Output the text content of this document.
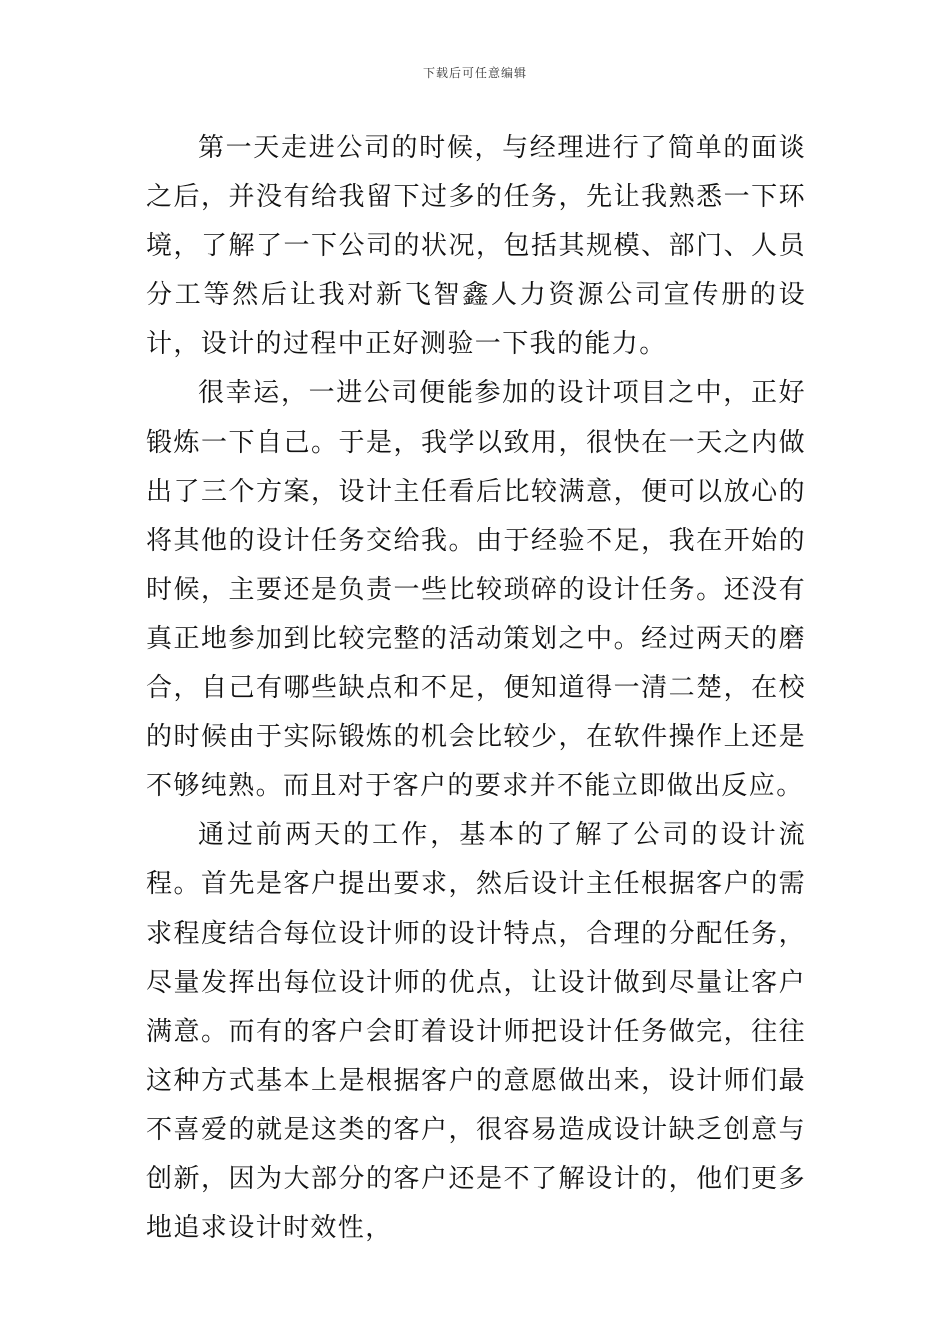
下载后可任意编辑

第一天走进公司的时候，与经理进行了简单的面谈之后，并没有给我留下过多的任务，先让我熟悉一下环境，了解了一下公司的状况，包括其规模、部门、人员分工等然后让我对新飞智鑫人力资源公司宣传册的设计，设计的过程中正好测验一下我的能力。

很幸运，一进公司便能参加的设计项目之中，正好锻炼一下自己。于是，我学以致用，很快在一天之内做出了三个方案，设计主任看后比较满意，便可以放心的将其他的设计任务交给我。由于经验不足，我在开始的时候，主要还是负责一些比较琐碎的设计任务。还没有真正地参加到比较完整的活动策划之中。经过两天的磨合，自己有哪些缺点和不足，便知道得一清二楚，在校的时候由于实际锻炼的机会比较少，在软件操作上还是不够纯熟。而且对于客户的要求并不能立即做出反应。

通过前两天的工作，基本的了解了公司的设计流程。首先是客户提出要求，然后设计主任根据客户的需求程度结合每位设计师的设计特点，合理的分配任务，尽量发挥出每位设计师的优点，让设计做到尽量让客户满意。而有的客户会盯着设计师把设计任务做完，往往这种方式基本上是根据客户的意愿做出来，设计师们最不喜爱的就是这类的客户，很容易造成设计缺乏创意与创新，因为大部分的客户还是不了解设计的，他们更多地追求设计时效性，
